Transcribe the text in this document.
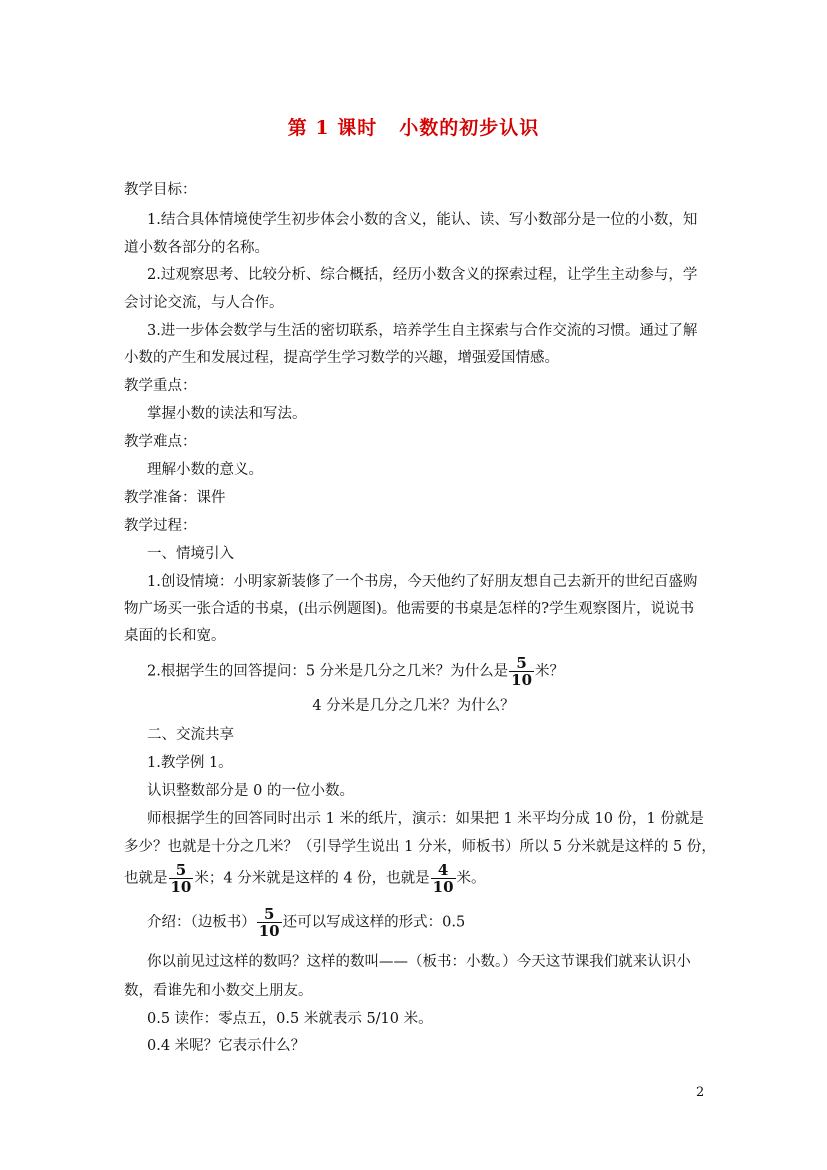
第 1 课时 小数的初步认识
教学目标：
1.结合具体情境使学生初步体会小数的含义，能认、读、写小数部分是一位的小数，知
道小数各部分的名称。
2.过观察思考、比较分析、综合概括，经历小数含义的探索过程，让学生主动参与，学
会讨论交流，与人合作。
3.进一步体会数学与生活的密切联系，培养学生自主探索与合作交流的习惯。通过了解
小数的产生和发展过程，提高学生学习数学的兴趣，增强爱国情感。
教学重点：
掌握小数的读法和写法。
教学难点：
理解小数的意义。
教学准备：课件
教学过程：
一、情境引入
1.创设情境：小明家新装修了一个书房，今天他约了好朋友想自己去新开的世纪百盛购
物广场买一张合适的书桌，(出示例题图)。他需要的书桌是怎样的?学生观察图片，说说书
桌面的长和宽。
2.根据学生的回答提问：5 分米是几分之几米？为什么是 $\frac{5}{10}$ 米？
4 分米是几分之几米？为什么？
二、交流共享
1.教学例 1。
认识整数部分是 0 的一位小数。
师根据学生的回答同时出示 1 米的纸片，演示：如果把 1 米平均分成 10 份，1 份就是
多少？也就是十分之几米？（引导学生说出 1 分米，师板书）所以 5 分米就是这样的 5 份，
也就是 $\frac{5}{10}$ 米；4 分米就是这样的 4 份，也就是 $\frac{4}{10}$ 米。
介绍：（边板书） $\frac{5}{10}$ 还可以写成这样的形式：0.5
你以前见过这样的数吗？这样的数叫——（板书：小数。）今天这节课我们就来认识小
数，看谁先和小数交上朋友。
0.5 读作：零点五，0.5 米就表示 5/10 米。
0.4 米呢？它表示什么？
2
